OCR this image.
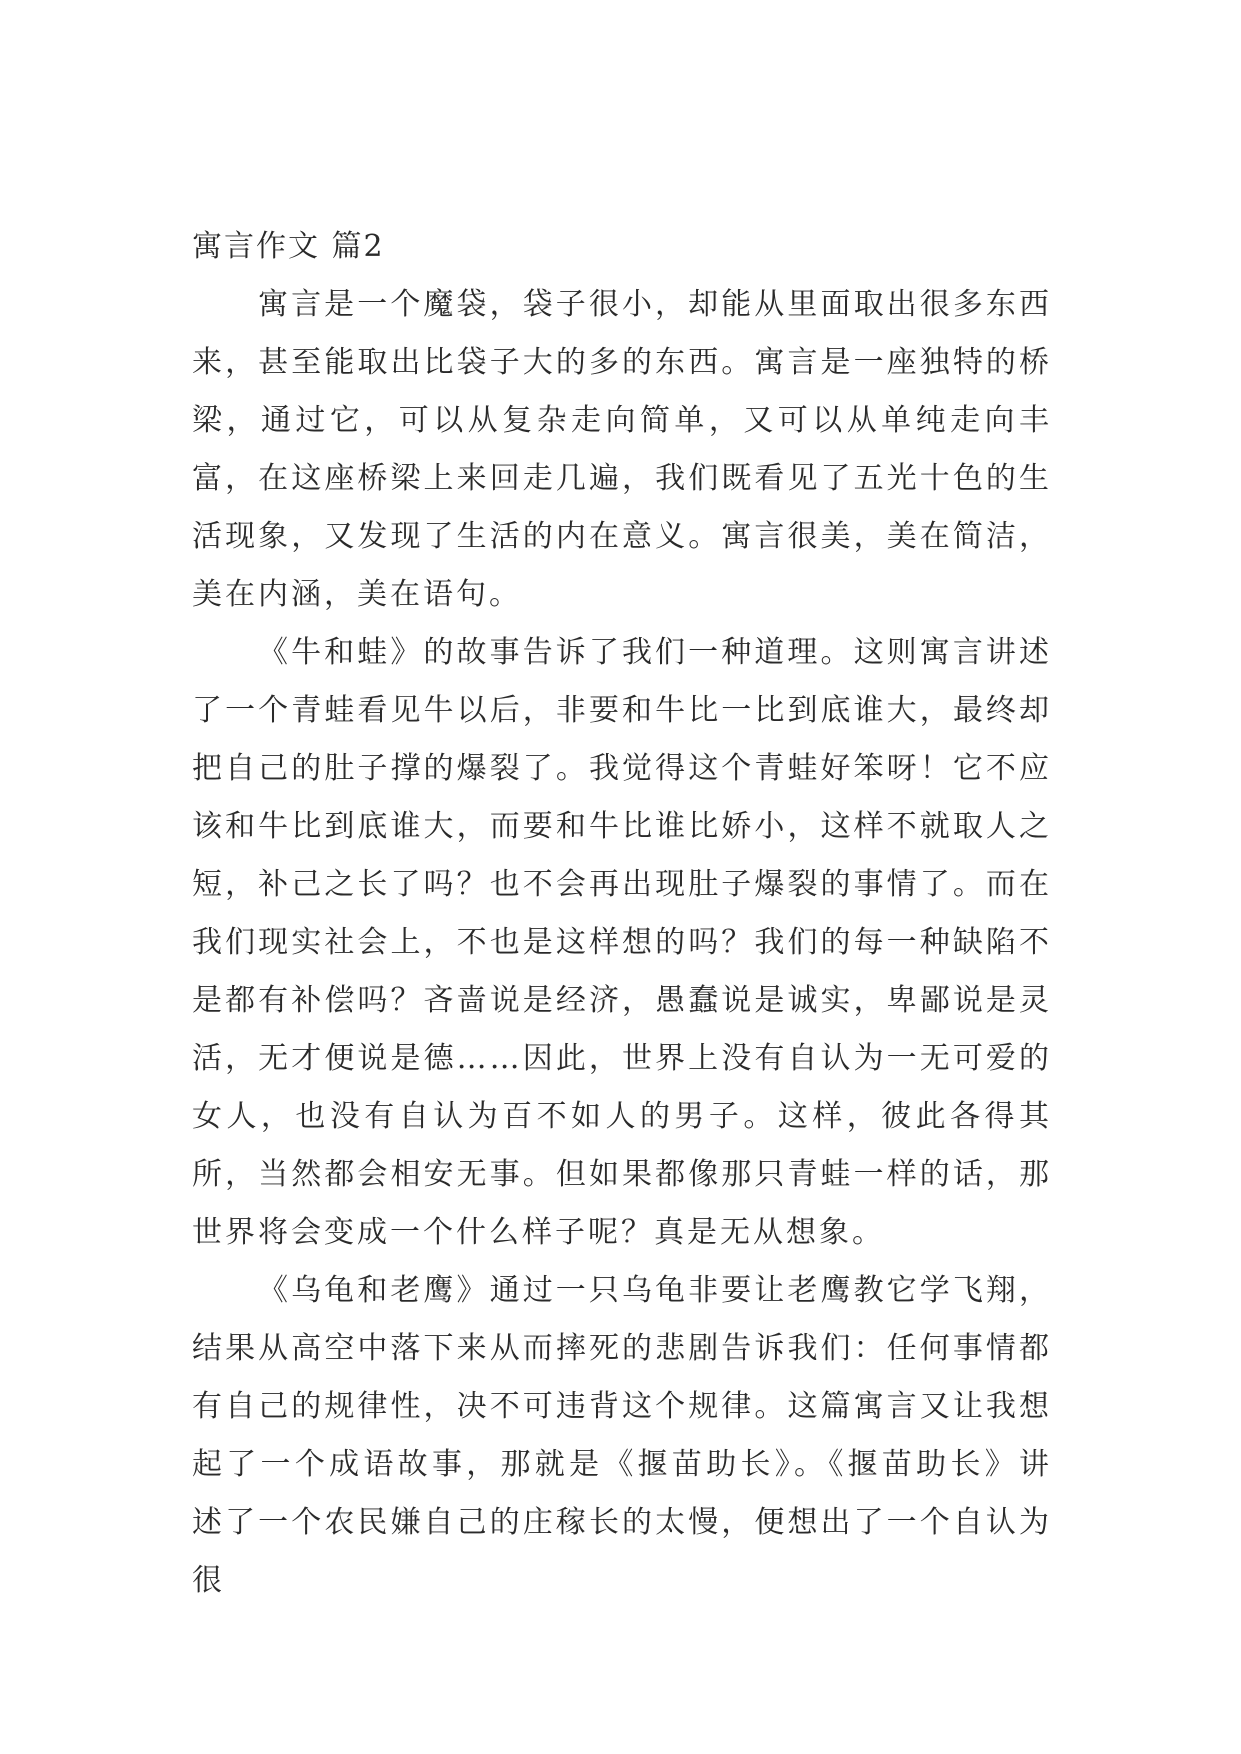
寓言作文 篇2

寓言是一个魔袋，袋子很小，却能从里面取出很多东西来，甚至能取出比袋子大的多的东西。寓言是一座独特的桥梁，通过它，可以从复杂走向简单，又可以从单纯走向丰富，在这座桥梁上来回走几遍，我们既看见了五光十色的生活现象，又发现了生活的内在意义。寓言很美，美在简洁，美在内涵，美在语句。

《牛和蛙》的故事告诉了我们一种道理。这则寓言讲述了一个青蛙看见牛以后，非要和牛比一比到底谁大，最终却把自己的肚子撑的爆裂了。我觉得这个青蛙好笨呀！它不应该和牛比到底谁大，而要和牛比谁比娇小，这样不就取人之短，补己之长了吗？也不会再出现肚子爆裂的事情了。而在我们现实社会上，不也是这样想的吗？我们的每一种缺陷不是都有补偿吗？吝啬说是经济，愚蠢说是诚实，卑鄙说是灵活，无才便说是德……因此，世界上没有自认为一无可爱的女人，也没有自认为百不如人的男子。这样，彼此各得其所，当然都会相安无事。但如果都像那只青蛙一样的话，那世界将会变成一个什么样子呢？真是无从想象。

《乌龟和老鹰》通过一只乌龟非要让老鹰教它学飞翔，结果从高空中落下来从而摔死的悲剧告诉我们：任何事情都有自己的规律性，决不可违背这个规律。这篇寓言又让我想起了一个成语故事，那就是《揠苗助长》。《揠苗助长》讲述了一个农民嫌自己的庄稼长的太慢，便想出了一个自认为很
